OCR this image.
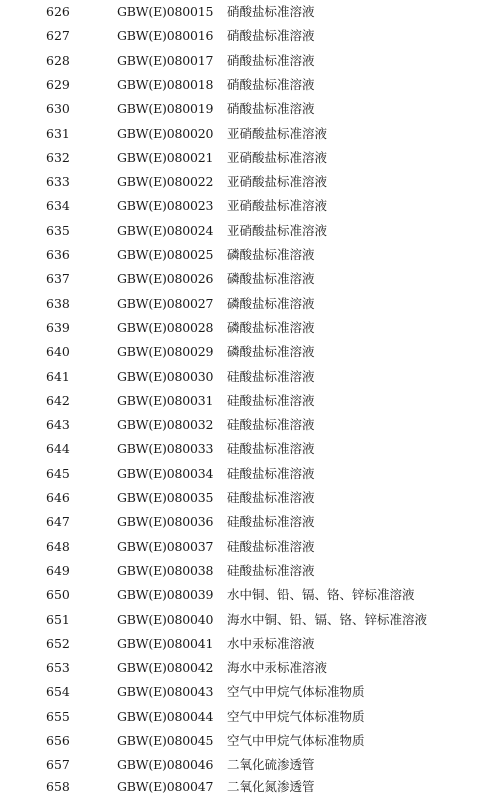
626	GBW(E)080015	硝酸盐标准溶液
627	GBW(E)080016	硝酸盐标准溶液
628	GBW(E)080017	硝酸盐标准溶液
629	GBW(E)080018	硝酸盐标准溶液
630	GBW(E)080019	硝酸盐标准溶液
631	GBW(E)080020	亚硝酸盐标准溶液
632	GBW(E)080021	亚硝酸盐标准溶液
633	GBW(E)080022	亚硝酸盐标准溶液
634	GBW(E)080023	亚硝酸盐标准溶液
635	GBW(E)080024	亚硝酸盐标准溶液
636	GBW(E)080025	磷酸盐标准溶液
637	GBW(E)080026	磷酸盐标准溶液
638	GBW(E)080027	磷酸盐标准溶液
639	GBW(E)080028	磷酸盐标准溶液
640	GBW(E)080029	磷酸盐标准溶液
641	GBW(E)080030	硅酸盐标准溶液
642	GBW(E)080031	硅酸盐标准溶液
643	GBW(E)080032	硅酸盐标准溶液
644	GBW(E)080033	硅酸盐标准溶液
645	GBW(E)080034	硅酸盐标准溶液
646	GBW(E)080035	硅酸盐标准溶液
647	GBW(E)080036	硅酸盐标准溶液
648	GBW(E)080037	硅酸盐标准溶液
649	GBW(E)080038	硅酸盐标准溶液
650	GBW(E)080039	水中铜、铅、镉、铬、锌标准溶液
651	GBW(E)080040	海水中铜、铅、镉、铬、锌标准溶液
652	GBW(E)080041	水中汞标准溶液
653	GBW(E)080042	海水中汞标准溶液
654	GBW(E)080043	空气中甲烷气体标准物质
655	GBW(E)080044	空气中甲烷气体标准物质
656	GBW(E)080045	空气中甲烷气体标准物质
657	GBW(E)080046	二氧化硫渗透管
658	GBW(E)080047	二氧化氮渗透管
